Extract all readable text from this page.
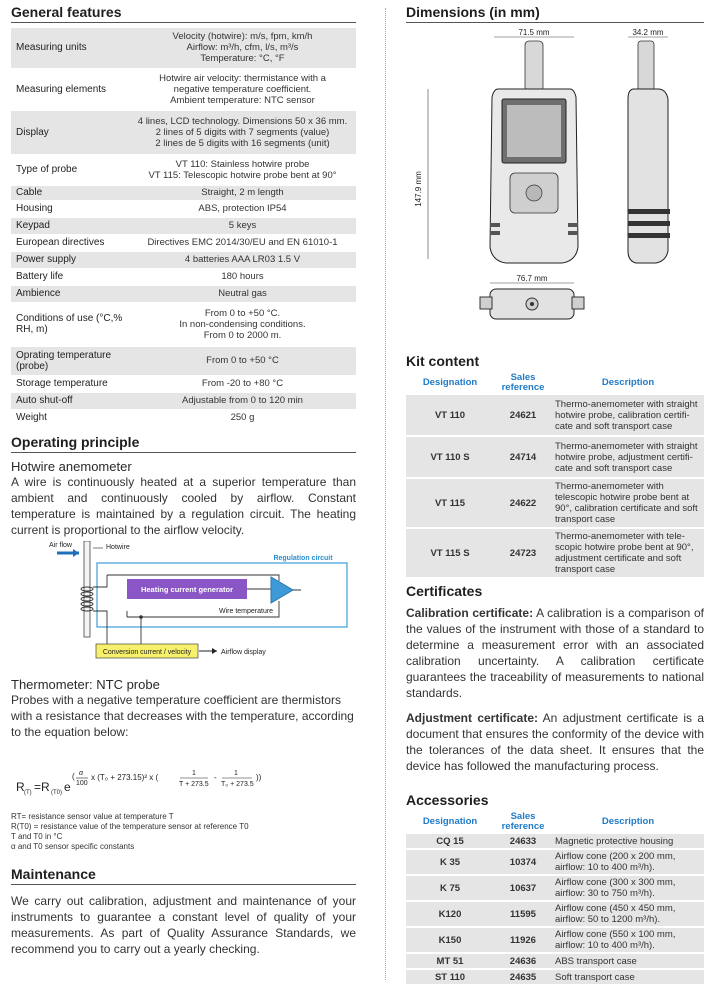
General features
Measuring units	Velocity (hotwire): m/s, fpm, km/h
Airflow: m³/h, cfm, l/s, m³/s
Temperature: °C, °F

Measuring elements	Hotwire air velocity: thermistance with a
negative temperature coefficient.
Ambient temperature: NTC sensor

Display	4 lines, LCD technology. Dimensions 50 x 36 mm.
2 lines of 5 digits with 7 segments (value)
2 lines de 5 digits with 16 segments (unit)

Type of probe	VT 110: Stainless hotwire probe
VT 115: Telescopic hotwire probe bent at 90°

Cable	Straight, 2 m length

Housing	ABS, protection IP54

Keypad	5 keys

European directives	Directives EMC 2014/30/EU and EN 61010-1

Power supply	4 batteries AAA LR03 1.5 V

Battery life	180 hours

Ambience	Neutral gas

Conditions of use (°C,% RH, m)	From 0 to +50 °C.
In non-condensing conditions.
From 0 to 2000 m.

Oprating temperature (probe)	From 0 to +50 °C

Storage temperature	From -20 to +80 °C

Auto shut-off	Adjustable from 0 to 120 min

Weight	250 g
Operating principle
Hotwire anemometer

A wire is continuously heated at a superior temperature than ambient and continuously cooled by airflow. Constant temperature is maintained by a regulation circuit. The heating current is proportional to the airflow velocity.

Regulation circuit
Air flow	Hotwire
Heating current generator
Wire temperature
Conversion current / velocity	Airflow display
Thermometer: NTC probe

Probes with a negative temperature coefficient are thermistors with a resistance that decreases with the temperature, according to the equation below:

R (T) =R (T0) e
( α
100
x (T₀ + 273.15)² x (	1
T + 273.5
- 1
T₀ + 273.5
))
RT= resistance sensor value at temperature T
R(T0) = resistance value of the temperature sensor at reference T0
T and T0 in °C
α and T0 sensor specific constants
Maintenance

We carry out calibration, adjustment and maintenance of your instruments to guarantee a constant level of quality of your measurements. As part of Quality Assurance Standards, we recommend you to carry out a yearly checking.

Dimensions (in mm)
71.5 mm	34.2 mm
147.9 mm
76.7 mm
Kit content
Designation	Sales reference	Description
VT 110	24621	Thermo-anemometer with straight
hotwire probe, calibration certifi-
cate and soft transport case

VT 110 S	24714	Thermo-anemometer with straight
hotwire probe, adjustment certifi-
cate and soft transport case

VT 115	24622	Thermo-anemometer with
telescopic hotwire probe bent at
90°, calibration certificate and soft
transport case

VT 115 S	24723	Thermo-anemometer with tele-
scopic hotwire probe bent at 90°,
adjustment certificate and soft
transport case
Certificates

Calibration certificate: A calibration is a comparison of the values of the instrument with those of a standard to determine a measurement error with an associated calibration uncertainty. A calibration certificate guarantees the traceability of measurements to national standards.

Adjustment certificate: An adjustment certificate is a document that ensures the conformity of the device with the tolerances of the data sheet. It ensures that the device has followed the manufacturing process.

Accessories
Designation	Sales reference	Description
CQ 15	24633	Magnetic protective housing

K 35	10374	Airflow cone (200 x 200 mm,
airflow: 10 to 400 m³/h).

K 75	10637	Airflow cone (300 x 300 mm,
airflow: 30 to 750 m³/h).

K120	11595	Airflow cone (450 x 450 mm,
airflow: 50 to 1200 m³/h).

K150	11926	Airflow cone (550 x 100 mm,
airflow: 10 to 400 m³/h).

MT 51	24636	ABS transport case

ST 110	24635	Soft transport case
